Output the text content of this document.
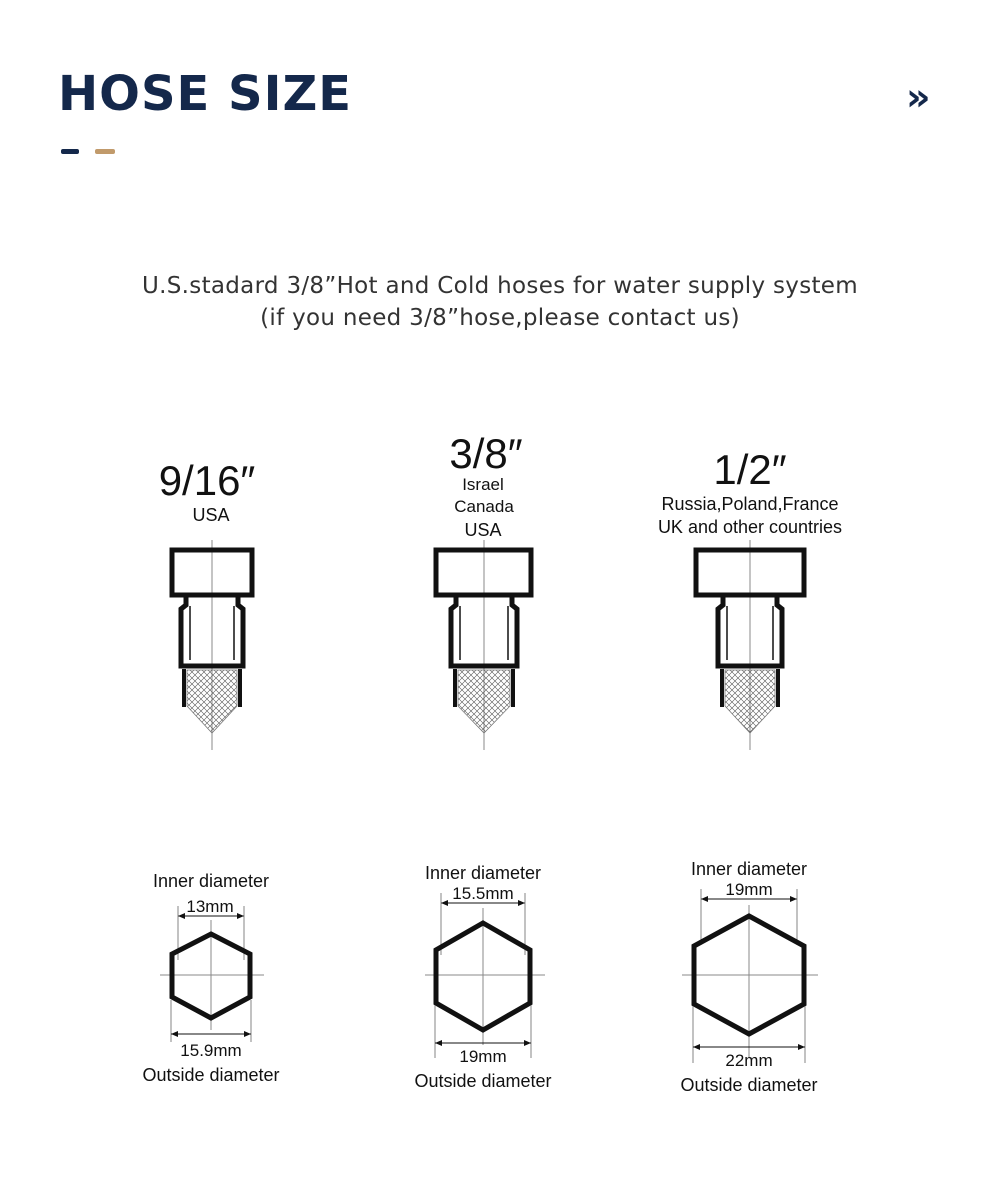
HOSE SIZE	»
U.S.stadard 3/8”Hot and Cold hoses for water supply system
(if you need 3/8”hose,please contact us)
9/16″
USA
3/8″
Israel
Canada
USA
1/2″
Russia,Poland,France
UK and other countries
Inner diameter
13mm
15.9mm
Outside diameter
Inner diameter
15.5mm
19mm
Outside diameter
Inner diameter
19mm
22mm
Outside diameter
